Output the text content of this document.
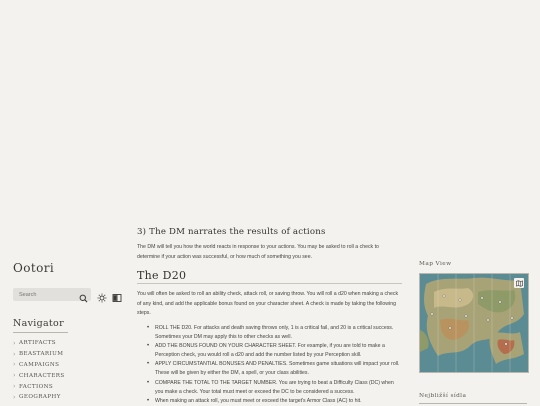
Ootori
Search
Navigator
› ARTIFACTS
› BEASTARIUM
› CAMPAIGNS
› CHARACTERS
› FACTIONS
› GEOGRAPHY
3) The DM narrates the results of actions
The DM will tell you how the world reacts in response to your actions. You may be asked to roll a check to determine if your action was successful, or how much of something you see.
The D20
You will often be asked to roll an ability check, attack roll, or saving throw. You will roll a d20 when making a check of any kind, and add the applicable bonus found on your character sheet. A check is made by taking the following steps.
• ROLL THE D20. For attacks and death saving throws only, 1 is a critical fail, and 20 is a critical success. Sometimes your DM may apply this to other checks as well.
• ADD THE BONUS FOUND ON YOUR CHARACTER SHEET. For example, if you are told to make a Perception check, you would roll a d20 and add the number listed by your Perception skill.
• APPLY CIRCUMSTANTIAL BONUSES AND PENALTIES. Sometimes game situations will impact your roll. These will be given by either the DM, a spell, or your class abilities.
• COMPARE THE TOTAL TO THE TARGET NUMBER. You are trying to beat a Difficulty Class (DC) when you make a check. Your total must meet or exceed the DC to be considered a success.
• When making an attack roll, you must meet or exceed the target's Armor Class (AC) to hit.
Map View
Nejbližší sídla
